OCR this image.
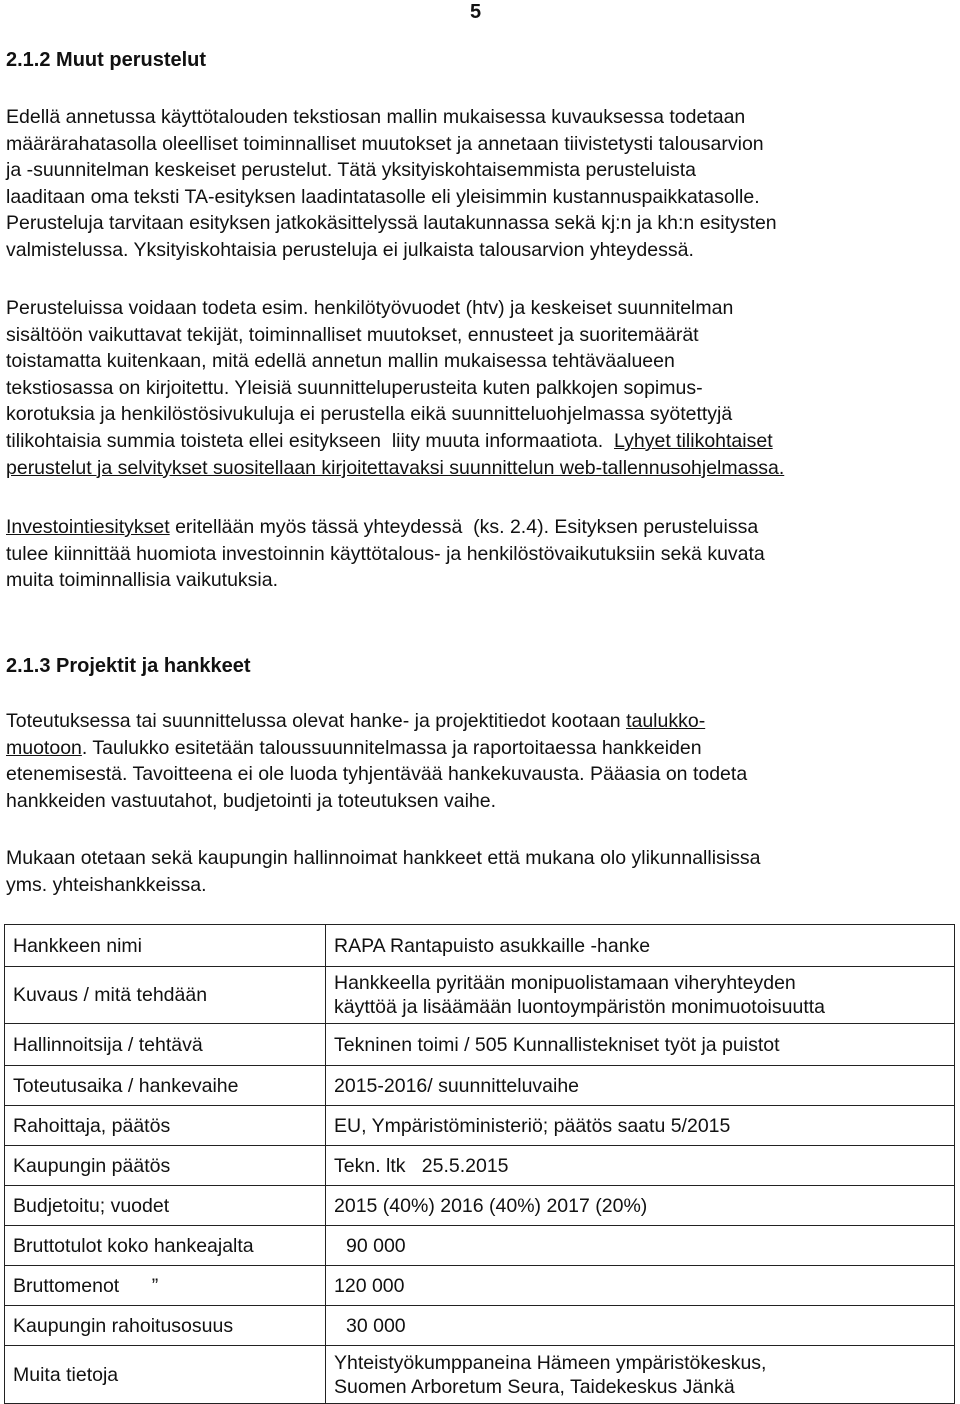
5
2.1.2 Muut perustelut
Edellä annetussa käyttötalouden tekstiosan mallin mukaisessa kuvauksessa todetaan
määrärahatasolla oleelliset toiminnalliset muutokset ja annetaan tiivistetysti talousarvion
ja -suunnitelman keskeiset perustelut. Tätä yksityiskohtaisemmista perusteluista
laaditaan oma teksti TA-esityksen laadintatasolle eli yleisimmin kustannuspaikkatasolle.
Perusteluja tarvitaan esityksen jatkokäsittelyssä lautakunnassa sekä kj:n ja kh:n esitysten
valmistelussa. Yksityiskohtaisia perusteluja ei julkaista talousarvion yhteydessä.
Perusteluissa voidaan todeta esim. henkilötyövuodet (htv) ja keskeiset suunnitelman
sisältöön vaikuttavat tekijät, toiminnalliset muutokset, ennusteet ja suoritemäärät
toistamatta kuitenkaan, mitä edellä annetun mallin mukaisessa tehtäväalueen
tekstiosassa on kirjoitettu. Yleisiä suunnitteluperusteita kuten palkkojen sopimus-
korotuksia ja henkilöstösivukuluja ei perustella eikä suunnitteluohjelmassa syötettyjä
tilikohtaisia summia toisteta ellei esitykseen  liity muuta informaatiota.  Lyhyet tilikohtaiset
perustelut ja selvitykset suositellaan kirjoitettavaksi suunnittelun web-tallennusohjelmassa.
Investointiesitykset eritellään myös tässä yhteydessä  (ks. 2.4). Esityksen perusteluissa
tulee kiinnittää huomiota investoinnin käyttötalous- ja henkilöstövaikutuksiin sekä kuvata
muita toiminnallisia vaikutuksia.
2.1.3 Projektit ja hankkeet
Toteutuksessa tai suunnittelussa olevat hanke- ja projektitiedot kootaan taulukko-
muotoon. Taulukko esitetään taloussuunnitelmassa ja raportoitaessa hankkeiden
etenemisestä. Tavoitteena ei ole luoda tyhjentävää hankekuvausta. Pääasia on todeta
hankkeiden vastuutahot, budjetointi ja toteutuksen vaihe.
Mukaan otetaan sekä kaupungin hallinnoimat hankkeet että mukana olo ylikunnallisissa
yms. yhteishankkeissa.
Hankkeen nimi	RAPA Rantapuisto asukkaille -hanke
Kuvaus / mitä tehdään	Hankkeella pyritään monipuolistamaan viheryhteyden
käyttöä ja lisäämään luontoympäristön monimuotoisuutta

Hallinnoitsija / tehtävä	Tekninen toimi / 505 Kunnallistekniset työt ja puistot
Toteutusaika / hankevaihe	2015-2016/ suunnitteluvaihe
Rahoittaja, päätös	EU, Ympäristöministeriö; päätös saatu 5/2015
Kaupungin päätös	Tekn. ltk   25.5.2015
Budjetoitu; vuodet	2015 (40%) 2016 (40%) 2017 (20%)
Bruttotulot koko hankeajalta	90 000
Bruttomenot      ”	120 000
Kaupungin rahoitusosuus	30 000
Muita tietoja	Yhteistyökumppaneina Hämeen ympäristökeskus,
Suomen Arboretum Seura, Taidekeskus Jänkä
